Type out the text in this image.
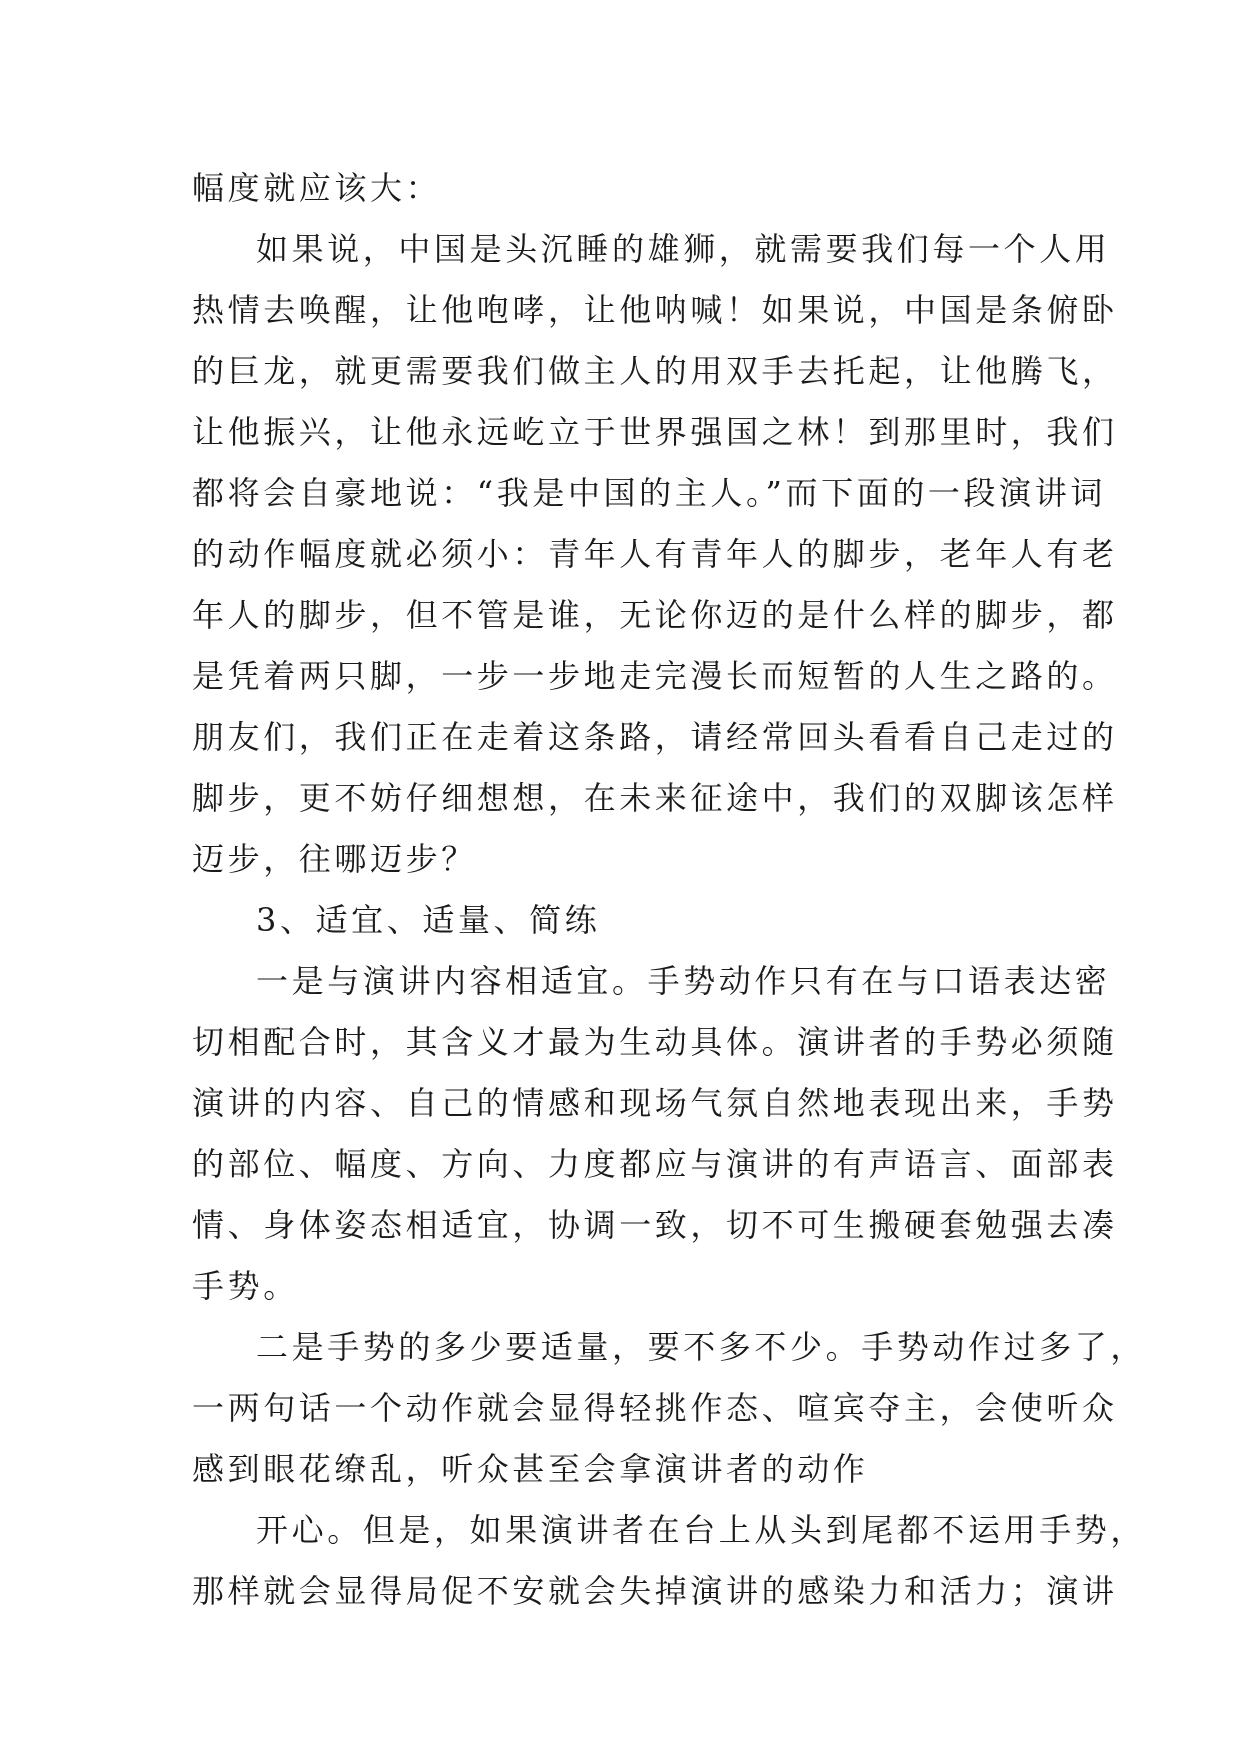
幅度就应该大：
如果说，中国是头沉睡的雄狮，就需要我们每一个人用
热情去唤醒，让他咆哮，让他呐喊！如果说，中国是条俯卧
的巨龙，就更需要我们做主人的用双手去托起，让他腾飞，
让他振兴，让他永远屹立于世界强国之林！到那里时，我们
都将会自豪地说：“我是中国的主人。”而下面的一段演讲词
的动作幅度就必须小：青年人有青年人的脚步，老年人有老
年人的脚步，但不管是谁，无论你迈的是什么样的脚步，都
是凭着两只脚，一步一步地走完漫长而短暂的人生之路的。
朋友们，我们正在走着这条路，请经常回头看看自己走过的
脚步，更不妨仔细想想，在未来征途中，我们的双脚该怎样
迈步，往哪迈步？
3、适宜、适量、简练
一是与演讲内容相适宜。手势动作只有在与口语表达密
切相配合时，其含义才最为生动具体。演讲者的手势必须随
演讲的内容、自己的情感和现场气氛自然地表现出来，手势
的部位、幅度、方向、力度都应与演讲的有声语言、面部表
情、身体姿态相适宜，协调一致，切不可生搬硬套勉强去凑
手势。
二是手势的多少要适量，要不多不少。手势动作过多了，
一两句话一个动作就会显得轻挑作态、喧宾夺主，会使听众
感到眼花缭乱，听众甚至会拿演讲者的动作
开心。但是，如果演讲者在台上从头到尾都不运用手势，
那样就会显得局促不安就会失掉演讲的感染力和活力；演讲
